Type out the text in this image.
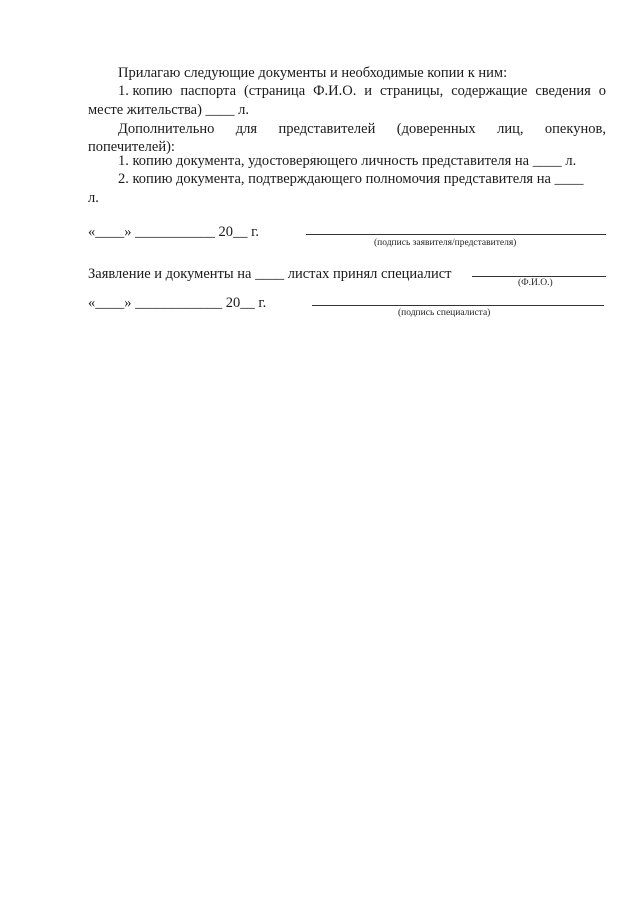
Прилагаю следующие документы и необходимые копии к ним:
1. копию паспорта (страница Ф.И.О. и страницы, содержащие сведения о
месте жительства) ____ л.
Дополнительно для представителей (доверенных лиц, опекунов,
попечителей):
1. копию документа, удостоверяющего личность представителя на ____ л.
2. копию документа, подтверждающего полномочия представителя на ____
л.
«____» ___________ 20__ г.
(подпись заявителя/представителя)
Заявление и документы на ____ листах принял специалист
(Ф.И.О.)
«____» ____________ 20__ г.
(подпись специалиста)
